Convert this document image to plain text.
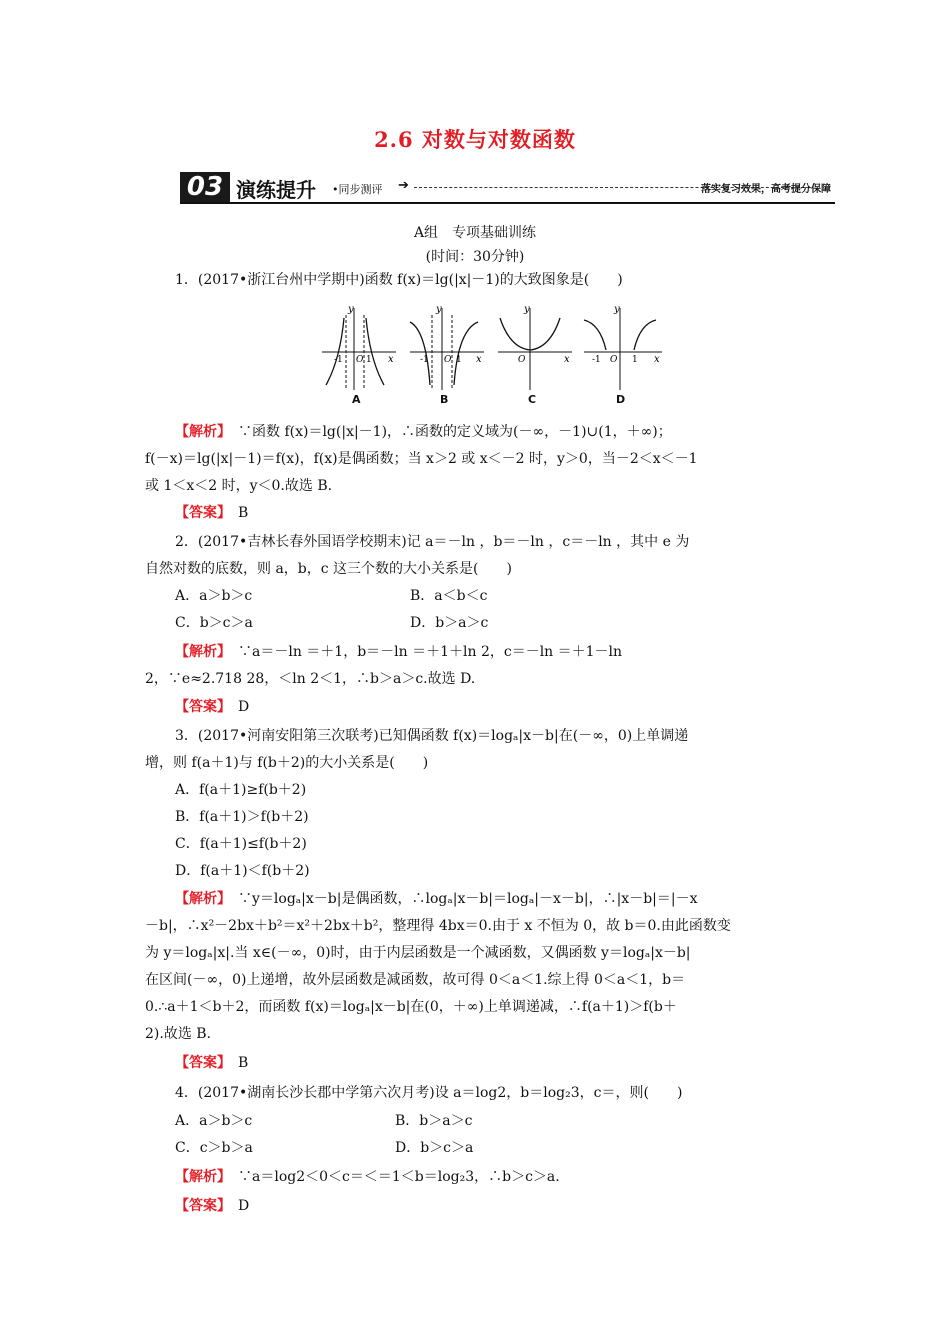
2.6 对数与对数函数
03 演练提升 •同步测评 ➔	落实复习效果，高考提分保障
A组　专项基础训练
(时间：30分钟)
1．(2017•浙江台州中学期中)函数 f(x)＝lg(|x|－1)的大致图象是(　　)
y
x
-1 O 1
y
x
-1 O 1
y
x
O
y
x
-1 O 1
A	B	C	D
【解析】　 ∵函数 f(x)＝lg(|x|－1)，∴函数的定义域为(－∞，－1)∪(1，＋∞)；
f(－x)＝lg(|x|－1)＝f(x)，f(x)是偶函数；当 x＞2 或 x＜－2 时，y＞0，当－2＜x＜－1
或 1＜x＜2 时，y＜0.故选 B.
【答案】　 B
2．(2017•吉林长春外国语学校期末)记 a＝－ln ，b＝－ln ，c＝－ln ，其中 e 为
自然对数的底数，则 a，b，c 这三个数的大小关系是(　　)
A．a＞b＞c	B．a＜b＜c
C．b＞c＞a	D．b＞a＞c
【解析】　 ∵a＝－ln ＝＋1，b＝－ln ＝＋1＋ln 2，c＝－ln ＝＋1－ln
2，∵e≈2.718 28，＜ln 2＜1，∴b＞a＞c.故选 D.
【答案】　 D
3．(2017•河南安阳第三次联考)已知偶函数 f(x)＝logₐ|x－b|在(－∞，0)上单调递
增，则 f(a＋1)与 f(b＋2)的大小关系是(　　)
A．f(a＋1)≥f(b＋2)
B．f(a＋1)＞f(b＋2)
C．f(a＋1)≤f(b＋2)
D．f(a＋1)＜f(b＋2)
【解析】　 ∵y＝logₐ|x－b|是偶函数，∴logₐ|x－b|＝logₐ|－x－b|，∴|x－b|＝|－x
－b|，∴x²－2bx＋b²＝x²＋2bx＋b²，整理得 4bx＝0.由于 x 不恒为 0，故 b＝0.由此函数变
为 y＝logₐ|x|.当 x∈(－∞，0)时，由于内层函数是一个减函数，又偶函数 y＝logₐ|x－b|
在区间(－∞，0)上递增，故外层函数是减函数，故可得 0＜a＜1.综上得 0＜a＜1，b＝
0.∴a＋1＜b＋2，而函数 f(x)＝logₐ|x－b|在(0，＋∞)上单调递减，∴f(a＋1)＞f(b＋
2).故选 B.
【答案】　 B
4．(2017•湖南长沙长郡中学第六次月考)设 a＝log2，b＝log₂3，c＝，则(　　)
A．a＞b＞c	B．b＞a＞c
C．c＞b＞a	D．b＞c＞a
【解析】　 ∵a＝log2＜0＜c＝＜＝1＜b＝log₂3，∴b＞c＞a.
【答案】　 D
